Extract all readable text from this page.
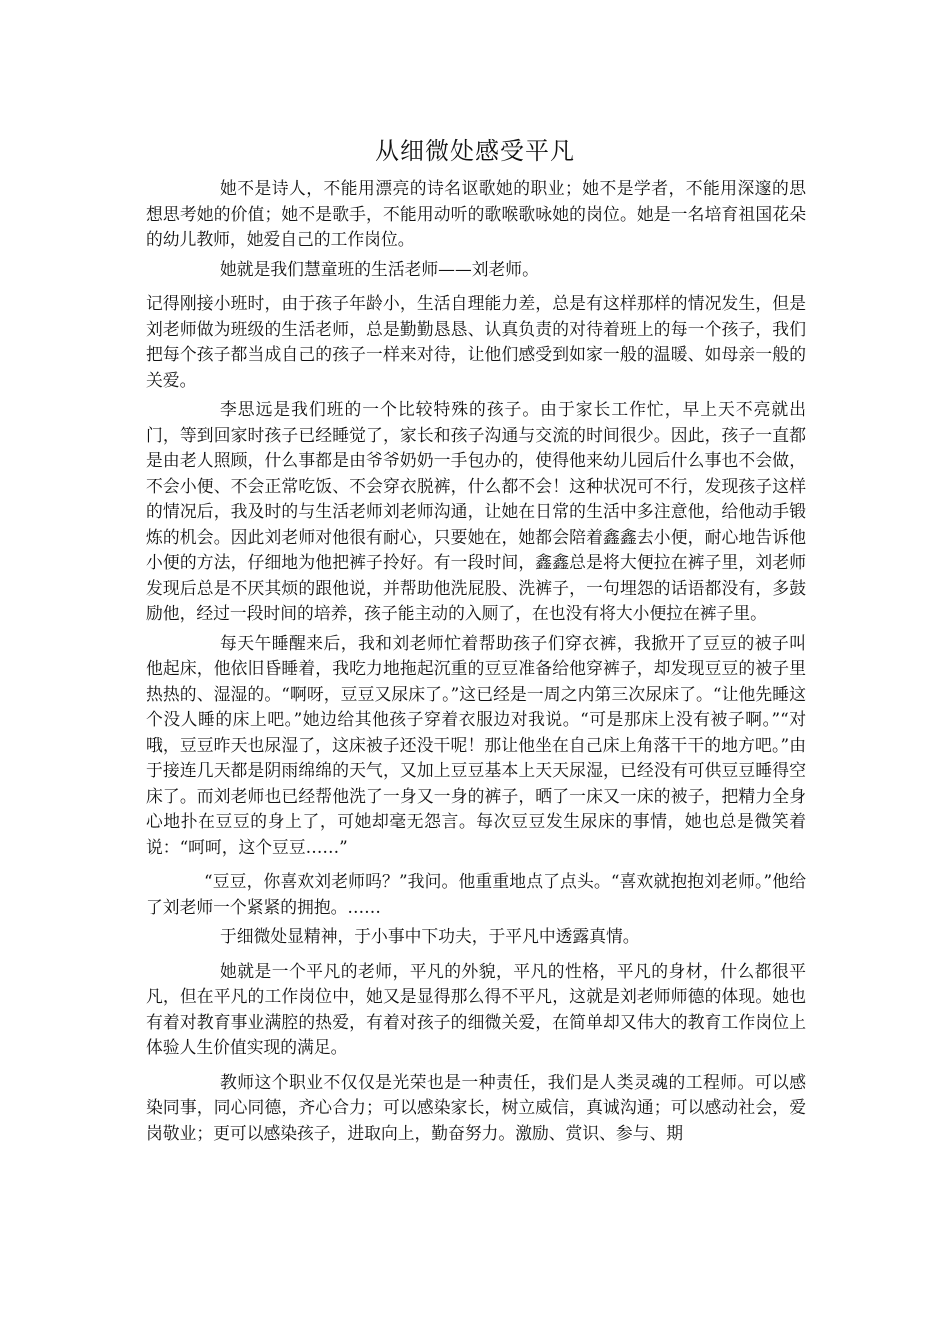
从细微处感受平凡

她不是诗人，不能用漂亮的诗名讴歌她的职业；她不是学者，不能用深邃的思想思考她的价值；她不是歌手，不能用动听的歌喉歌咏她的岗位。她是一名培育祖国花朵的幼儿教师，她爱自己的工作岗位。

她就是我们慧童班的生活老师——刘老师。

记得刚接小班时，由于孩子年龄小，生活自理能力差，总是有这样那样的情况发生，但是刘老师做为班级的生活老师，总是勤勤恳恳、认真负责的对待着班上的每一个孩子，我们把每个孩子都当成自己的孩子一样来对待，让他们感受到如家一般的温暖、如母亲一般的关爱。

李思远是我们班的一个比较特殊的孩子。由于家长工作忙，早上天不亮就出门，等到回家时孩子已经睡觉了，家长和孩子沟通与交流的时间很少。因此，孩子一直都是由老人照顾，什么事都是由爷爷奶奶一手包办的，使得他来幼儿园后什么事也不会做，不会小便、不会正常吃饭、不会穿衣脱裤，什么都不会！这种状况可不行，发现孩子这样的情况后，我及时的与生活老师刘老师沟通，让她在日常的生活中多注意他，给他动手锻炼的机会。因此刘老师对他很有耐心，只要她在，她都会陪着鑫鑫去小便，耐心地告诉他小便的方法，仔细地为他把裤子拎好。有一段时间，鑫鑫总是将大便拉在裤子里，刘老师发现后总是不厌其烦的跟他说，并帮助他洗屁股、洗裤子，一句埋怨的话语都没有，多鼓励他，经过一段时间的培养，孩子能主动的入厕了，在也没有将大小便拉在裤子里。

每天午睡醒来后，我和刘老师忙着帮助孩子们穿衣裤，我掀开了豆豆的被子叫他起床，他依旧昏睡着，我吃力地拖起沉重的豆豆准备给他穿裤子，却发现豆豆的被子里热热的、湿湿的。“啊呀，豆豆又尿床了。”这已经是一周之内第三次尿床了。“让他先睡这个没人睡的床上吧。”她边给其他孩子穿着衣服边对我说。“可是那床上没有被子啊。”“对哦，豆豆昨天也尿湿了，这床被子还没干呢！那让他坐在自己床上角落干干的地方吧。”由于接连几天都是阴雨绵绵的天气，又加上豆豆基本上天天尿湿，已经没有可供豆豆睡得空床了。而刘老师也已经帮他洗了一身又一身的裤子，晒了一床又一床的被子，把精力全身心地扑在豆豆的身上了，可她却毫无怨言。每次豆豆发生尿床的事情，她也总是微笑着说：“呵呵，这个豆豆……”

“豆豆，你喜欢刘老师吗？”我问。他重重地点了点头。“喜欢就抱抱刘老师。”他给了刘老师一个紧紧的拥抱。……

于细微处显精神，于小事中下功夫，于平凡中透露真情。

她就是一个平凡的老师，平凡的外貌，平凡的性格，平凡的身材，什么都很平凡，但在平凡的工作岗位中，她又是显得那么得不平凡，这就是刘老师师德的体现。她也有着对教育事业满腔的热爱，有着对孩子的细微关爱，在简单却又伟大的教育工作岗位上体验人生价值实现的满足。

教师这个职业不仅仅是光荣也是一种责任，我们是人类灵魂的工程师。可以感染同事，同心同德，齐心合力；可以感染家长，树立威信，真诚沟通；可以感动社会，爱岗敬业；更可以感染孩子，进取向上，勤奋努力。激励、赏识、参与、期
